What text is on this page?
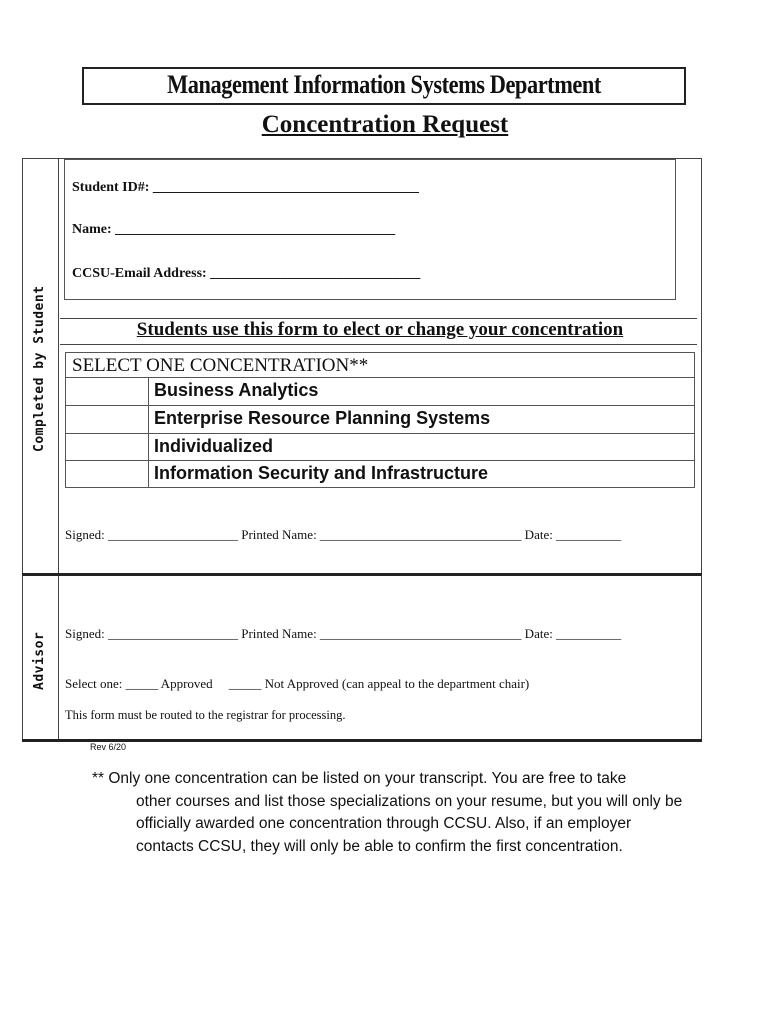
Management Information Systems Department
Concentration Request
Completed by Student
Advisor
Student ID#: ______________________________________
Name: ________________________________________
CCSU-Email Address: ______________________________
Students use this form to elect or change your concentration
SELECT ONE CONCENTRATION**
Business Analytics
Enterprise Resource Planning Systems
Individualized
Information Security and Infrastructure
Signed: ____________________ Printed Name: _______________________________ Date: __________
Signed: ____________________ Printed Name: _______________________________ Date: __________
Select one: _____ Approved     _____ Not Approved (can appeal to the department chair)
This form must be routed to the registrar for processing.
Rev 6/20
** Only one concentration can be listed on your transcript. You are free to take
other courses and list those specializations on your resume, but you will only be officially awarded one concentration through CCSU. Also, if an employer contacts CCSU, they will only be able to confirm the first concentration.
